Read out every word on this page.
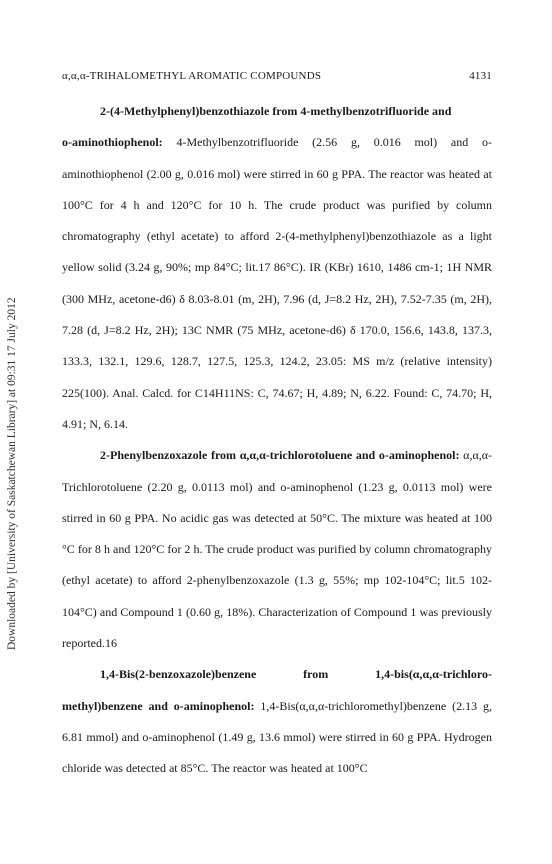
α,α,α-TRIHALOMETHYL AROMATIC COMPOUNDS	4131
Downloaded by [University of Saskatchewan Library] at 09:31 17 July 2012

2-(4-Methylphenyl)benzothiazole from 4-methylbenzotrifluoride and
o-aminothiophenol: 4-Methylbenzotrifluoride (2.56 g, 0.016 mol) and o-aminothiophenol (2.00 g, 0.016 mol) were stirred in 60 g PPA. The reactor was heated at 100°C for 4 h and 120°C for 10 h. The crude product was purified by column chromatography (ethyl acetate) to afford 2-(4-methylphenyl)benzothiazole as a light yellow solid (3.24 g, 90%; mp 84°C; lit.17 86°C). IR (KBr) 1610, 1486 cm-1; 1H NMR (300 MHz, acetone-d6) δ 8.03-8.01 (m, 2H), 7.96 (d, J=8.2 Hz, 2H), 7.52-7.35 (m, 2H), 7.28 (d, J=8.2 Hz, 2H); 13C NMR (75 MHz, acetone-d6) δ 170.0, 156.6, 143.8, 137.3, 133.3, 132.1, 129.6, 128.7, 127.5, 125.3, 124.2, 23.05: MS m/z (relative intensity) 225(100). Anal. Calcd. for C14H11NS: C, 74.67; H, 4.89; N, 6.22. Found: C, 74.70; H, 4.91; N, 6.14.

2-Phenylbenzoxazole from α,α,α-trichlorotoluene and o-aminophenol: α,α,α-Trichlorotoluene (2.20 g, 0.0113 mol) and o-aminophenol (1.23 g, 0.0113 mol) were stirred in 60 g PPA. No acidic gas was detected at 50°C. The mixture was heated at 100 °C for 8 h and 120°C for 2 h. The crude product was purified by column chromatography (ethyl acetate) to afford 2-phenylbenzoxazole (1.3 g, 55%; mp 102-104°C; lit.5 102-104°C) and Compound 1 (0.60 g, 18%). Characterization of Compound 1 was previously reported.16

1,4-Bis(2-benzoxazole)benzene	from	1,4-bis(α,α,α-trichloro-

methyl)benzene and o-aminophenol: 1,4-Bis(α,α,α-trichloromethyl)benzene (2.13 g, 6.81 mmol) and o-aminophenol (1.49 g, 13.6 mmol) were stirred in 60 g PPA. Hydrogen chloride was detected at 85°C. The reactor was heated at 100°C
